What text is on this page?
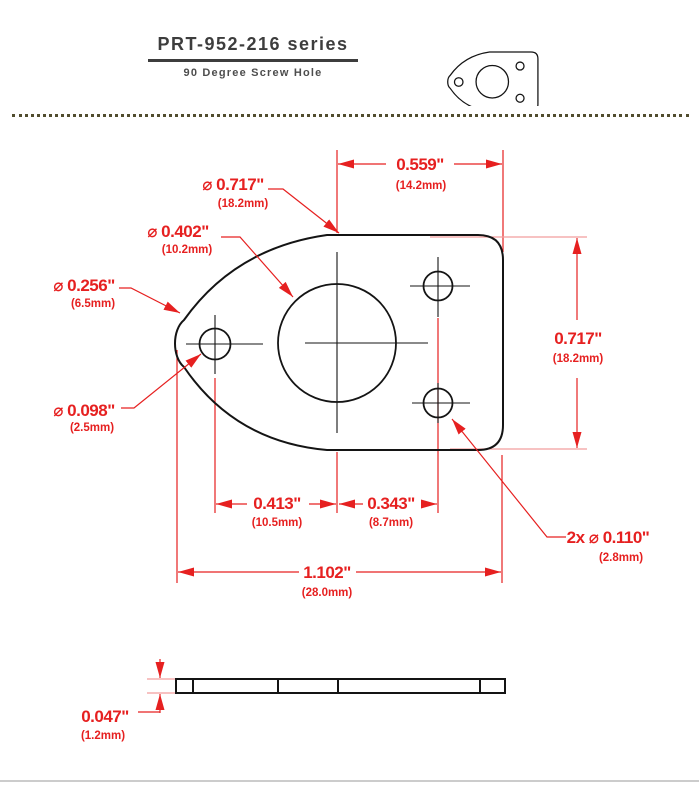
PRT-952-216 series
90 Degree Screw Hole
0.559"
(14.2mm)
⌀ 0.717"
(18.2mm)
⌀ 0.402"
(10.2mm)
⌀ 0.256"
(6.5mm)
⌀ 0.098"
(2.5mm)
0.717"
(18.2mm)
0.413"
(10.5mm)
0.343"
(8.7mm)
1.102"
(28.0mm)
2x ⌀ 0.110"
(2.8mm)
0.047"
(1.2mm)
